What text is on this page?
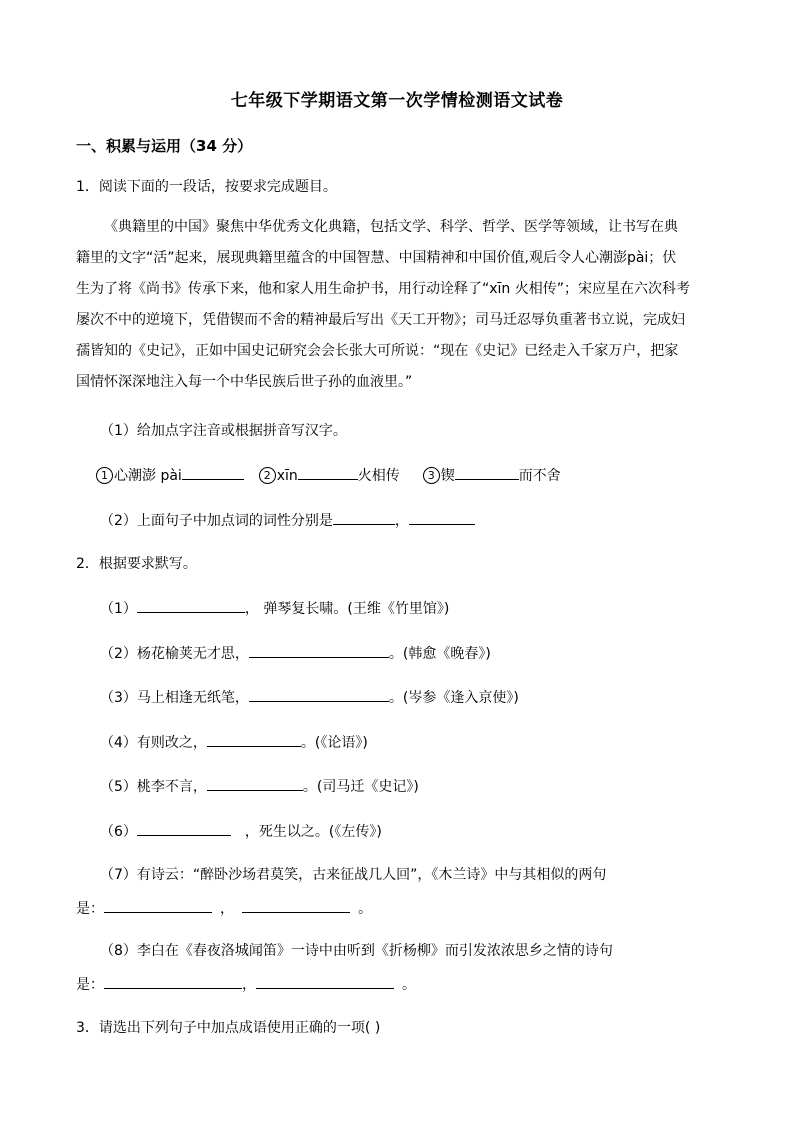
七年级下学期语文第一次学情检测语文试卷
一、积累与运用（34 分）
1．阅读下面的一段话，按要求完成题目。
《典籍里的中国》聚焦中华优秀文化典籍，包括文学、科学、哲学、医学等领域，让书写在典
籍里的文字“活”起来，展现典籍里蕴含的中国智慧、中国精神和中国价值,观后令人心潮澎pài；伏
生为了将《尚书》传承下来，他和家人用生命护书，用行动诠释了“xīn 火相传”；宋应星在六次科考
屡次不中的逆境下，凭借锲而不舍的精神最后写出《天工开物》；司马迁忍辱负重著书立说，完成妇
孺皆知的《史记》，正如中国史记研究会会长张大可所说：“现在《史记》已经走入千家万户，把家
国情怀深深地注入每一个中华民族后世子孙的血液里。”
（1）给加点字注音或根据拼音写汉字。
1 心潮澎 pài	2 xīn	火相传	3 锲	而不舍
（2）上面句子中加点词的词性分别是	，
2．根据要求默写。
（1）	， 弹琴复长啸。(王维《竹里馆》)
（2）杨花榆荚无才思，	。(韩愈《晚春》)
（3）马上相逢无纸笔，	。(岑参《逢入京使》)
（4）有则改之，	。(《论语》)
（5）桃李不言，	。(司马迁《史记》)
（6）	，死生以之。(《左传》)
（7）有诗云：“醉卧沙场君莫笑，古来征战几人回”，《木兰诗》中与其相似的两句
是：	，	。
（8）李白在《春夜洛城闻笛》一诗中由听到《折杨柳》而引发浓浓思乡之情的诗句
是：	，	。
3．请选出下列句子中加点成语使用正确的一项( )
